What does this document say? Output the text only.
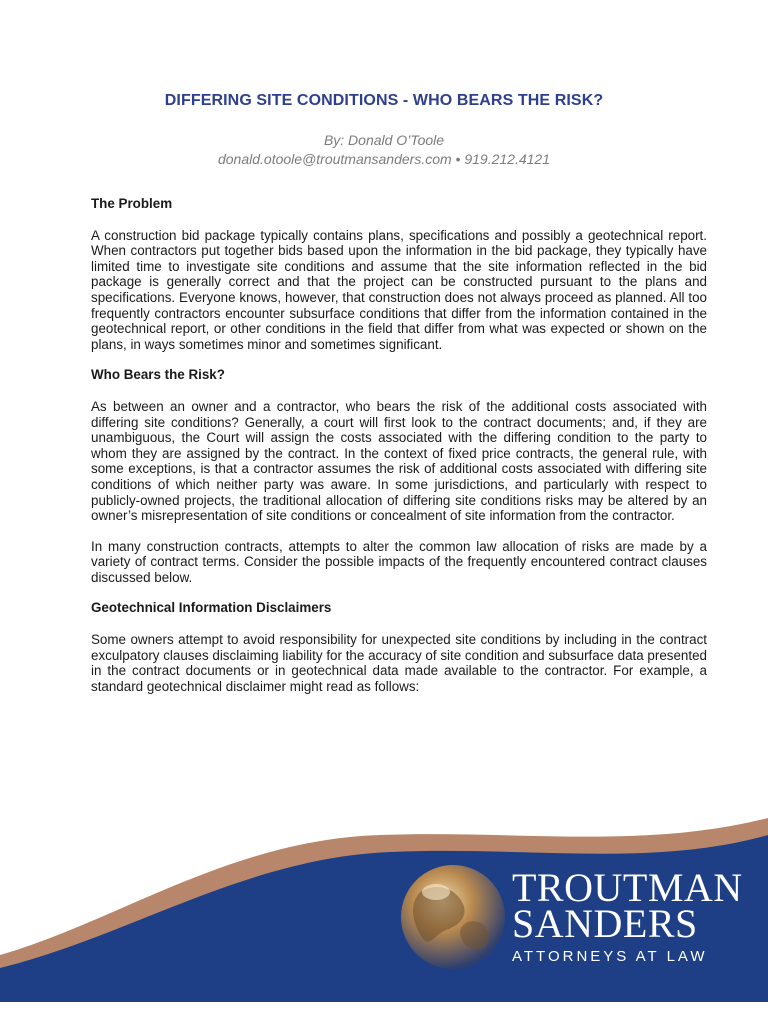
DIFFERING SITE CONDITIONS - WHO BEARS THE RISK?
By: Donald O’Toole
donald.otoole@troutmansanders.com • 919.212.4121
The Problem

A construction bid package typically contains plans, specifications and possibly a geotechnical report. When contractors put together bids based upon the information in the bid package, they typically have limited time to investigate site conditions and assume that the site information reflected in the bid package is generally correct and that the project can be constructed pursuant to the plans and specifications. Everyone knows, however, that construction does not always proceed as planned. All too frequently contractors encounter subsurface conditions that differ from the information contained in the geotechnical report, or other conditions in the field that differ from what was expected or shown on the plans, in ways sometimes minor and sometimes significant.

Who Bears the Risk?

As between an owner and a contractor, who bears the risk of the additional costs associated with differing site conditions? Generally, a court will first look to the contract documents; and, if they are unambiguous, the Court will assign the costs associated with the differing condition to the party to whom they are assigned by the contract. In the context of fixed price contracts, the general rule, with some exceptions, is that a contractor assumes the risk of additional costs associated with differing site conditions of which neither party was aware. In some jurisdictions, and particularly with respect to publicly-owned projects, the traditional allocation of differing site conditions risks may be altered by an owner’s misrepresentation of site conditions or concealment of site information from the contractor.

In many construction contracts, attempts to alter the common law allocation of risks are made by a variety of contract terms. Consider the possible impacts of the frequently encountered contract clauses discussed below.

Geotechnical Information Disclaimers

Some owners attempt to avoid responsibility for unexpected site conditions by including in the contract exculpatory clauses disclaiming liability for the accuracy of site condition and subsurface data presented in the contract documents or in geotechnical data made available to the contractor. For example, a standard geotechnical disclaimer might read as follows:

TROUTMAN
SANDERS
ATTORNEYS AT LAW
